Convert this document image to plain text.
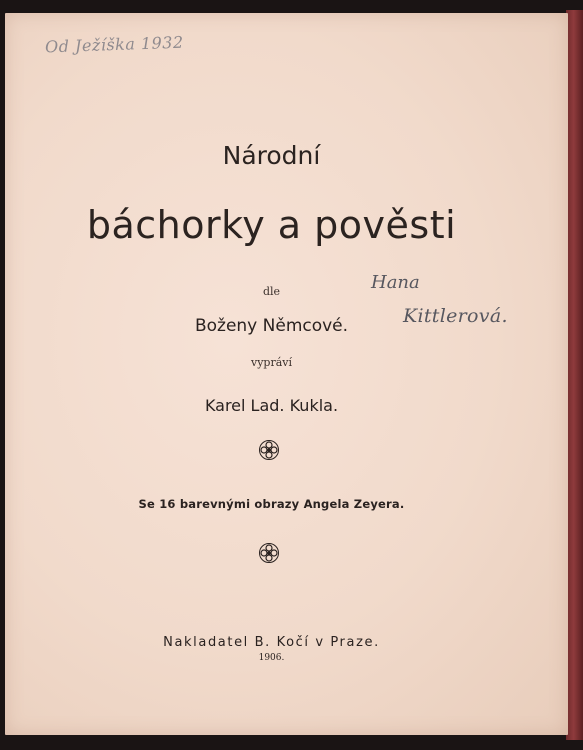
Od Ježíška 1932
Národní
báchorky a pověsti
dle
Boženy Němcové.
vypráví
Karel Lad. Kukla.
Se 16 barevnými obrazy Angela Zeyera.
Nakladatel B. Kočí v Praze.
1906.
Hana
Kittlerová.
